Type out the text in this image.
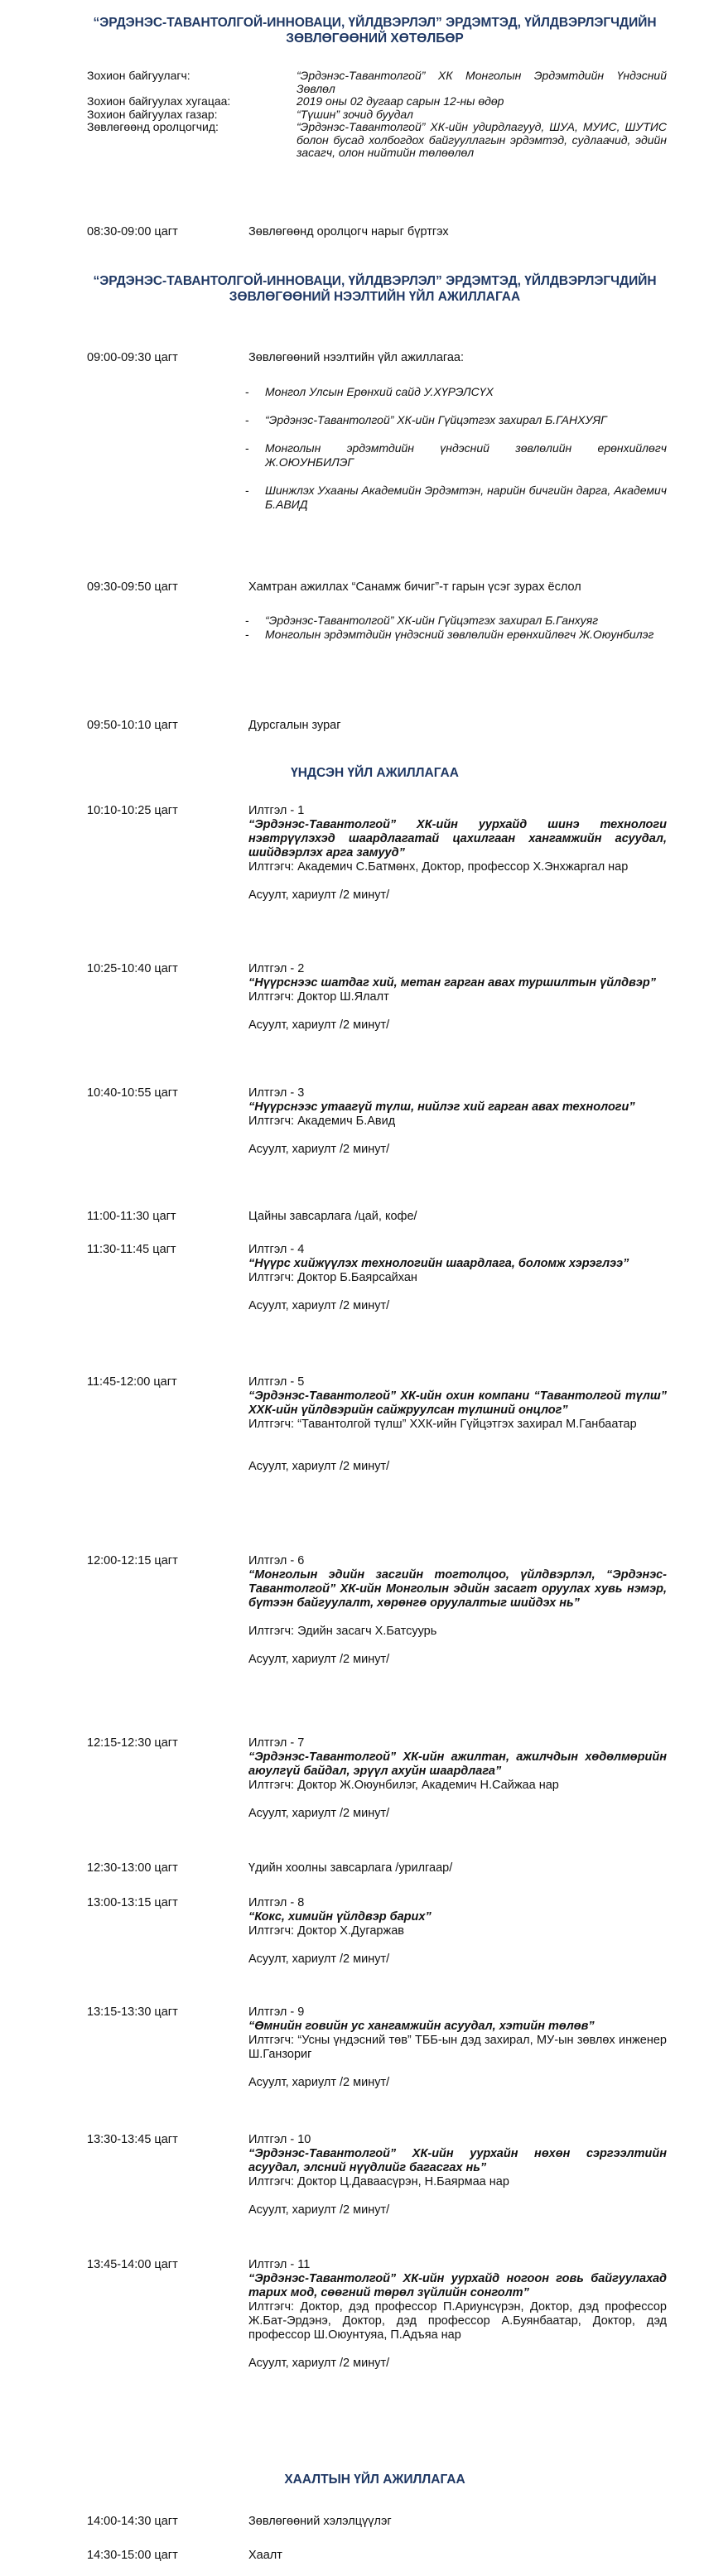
“ЭРДЭНЭС-ТАВАНТОЛГОЙ-ИННОВАЦИ, ҮЙЛДВЭРЛЭЛ” ЭРДЭМТЭД, ҮЙЛДВЭРЛЭГЧДИЙН ЗӨВЛӨГӨӨНИЙ ХӨТӨЛБӨР
Зохион байгуулагч:	“Эрдэнэс-Тавантолгой” ХК Монголын Эрдэмтдийн Үндэсний Зөвлөл
Зохион байгуулах хугацаа:	2019 оны 02 дугаар сарын 12-ны өдөр
Зохион байгуулах газар:	“Түшин” зочид буудал
Зөвлөгөөнд оролцогчид:	“Эрдэнэс-Тавантолгой” ХК-ийн удирдлагууд, ШУА, МУИС, ШУТИС болон бусад холбогдох байгууллагын эрдэмтэд, судлаачид, эдийн засагч, олон нийтийн төлөөлөл
08:30-09:00 цагт	Зөвлөгөөнд оролцогч нарыг бүртгэх
“ЭРДЭНЭС-ТАВАНТОЛГОЙ-ИННОВАЦИ, ҮЙЛДВЭРЛЭЛ” ЭРДЭМТЭД, ҮЙЛДВЭРЛЭГЧДИЙН ЗӨВЛӨГӨӨНИЙ НЭЭЛТИЙН ҮЙЛ АЖИЛЛАГАА
09:00-09:30 цагт	Зөвлөгөөний нээлтийн үйл ажиллагаа:
- Монгол Улсын Ерөнхий сайд У.ХҮРЭЛСҮХ
- “Эрдэнэс-Тавантолгой” ХК-ийн Гүйцэтгэх захирал Б.ГАНХУЯГ
- Монголын эрдэмтдийн үндэсний зөвлөлийн ерөнхийлөгч Ж.ОЮУНБИЛЭГ
- Шинжлэх Ухааны Академийн Эрдэмтэн, нарийн бичгийн дарга, Академич Б.АВИД
09:30-09:50 цагт	Хамтран ажиллах “Санамж бичиг”-т гарын үсэг зурах ёслол
- “Эрдэнэс-Тавантолгой” ХК-ийн Гүйцэтгэх захирал Б.Ганхуяг
- Монголын эрдэмтдийн үндэсний зөвлөлийн ерөнхийлөгч Ж.Оюунбилэг
09:50-10:10 цагт	Дурсгалын зураг
ҮНДСЭН ҮЙЛ АЖИЛЛАГАА
10:10-10:25 цагт	Илтгэл - 1
“Эрдэнэс-Тавантолгой” ХК-ийн уурхайд шинэ технологи нэвтрүүлэхэд шаардлагатай цахилгаан хангамжийн асуудал, шийдвэрлэх арга замууд”
Илтгэгч: Академич С.Батмөнх, Доктор, профессор Х.Энхжаргал нар
Асуулт, хариулт /2 минут/
10:25-10:40 цагт	Илтгэл - 2
“Нүүрснээс шатдаг хий, метан гарган авах туршилтын үйлдвэр”
Илтгэгч: Доктор Ш.Ялалт
Асуулт, хариулт /2 минут/
10:40-10:55 цагт	Илтгэл - 3
“Нүүрснээс утаагүй түлш, нийлэг хий гарган авах технологи”
Илтгэгч: Академич Б.Авид
Асуулт, хариулт /2 минут/
11:00-11:30 цагт	Цайны завсарлага /цай, кофе/
11:30-11:45 цагт	Илтгэл - 4
“Нүүрс хийжүүлэх технологийн шаардлага, боломж хэрэглээ”
Илтгэгч: Доктор Б.Баярсайхан
Асуулт, хариулт /2 минут/
11:45-12:00 цагт	Илтгэл - 5
“Эрдэнэс-Тавантолгой” ХК-ийн охин компани “Тавантолгой түлш” ХХК-ийн үйлдвэрийн сайжруулсан түлшний онцлог”
Илтгэгч: “Тавантолгой түлш” ХХК-ийн Гүйцэтгэх захирал М.Ганбаатар
Асуулт, хариулт /2 минут/
12:00-12:15 цагт	Илтгэл - 6
“Монголын эдийн засгийн тогтолцоо, үйлдвэрлэл, “Эрдэнэс-Тавантолгой” ХК-ийн Монголын эдийн засагт оруулах хувь нэмэр, бүтээн байгуулалт, хөрөнгө оруулалтыг шийдэх нь”
Илтгэгч: Эдийн засагч Х.Батсуурь
Асуулт, хариулт /2 минут/
12:15-12:30 цагт	Илтгэл - 7
“Эрдэнэс-Тавантолгой” ХК-ийн ажилтан, ажилчдын хөдөлмөрийн аюулгүй байдал, эрүүл ахуйн шаардлага”
Илтгэгч: Доктор Ж.Оюунбилэг, Академич Н.Сайжаа нар
Асуулт, хариулт /2 минут/
12:30-13:00 цагт	Үдийн хоолны завсарлага /урилгаар/
13:00-13:15 цагт	Илтгэл - 8
“Кокс, химийн үйлдвэр барих”
Илтгэгч: Доктор Х.Дугаржав
Асуулт, хариулт /2 минут/
13:15-13:30 цагт	Илтгэл - 9
“Өмнийн говийн ус хангамжийн асуудал, хэтийн төлөв”
Илтгэгч: “Усны үндэсний төв” ТББ-ын дэд захирал, МУ-ын зөвлөх инженер Ш.Ганзориг
Асуулт, хариулт /2 минут/
13:30-13:45 цагт	Илтгэл - 10
“Эрдэнэс-Тавантолгой” ХК-ийн уурхайн нөхөн сэргээлтийн асуудал, элсний нүүдлийг багасгах нь”
Илтгэгч: Доктор Ц.Даваасүрэн, Н.Баярмаа нар
Асуулт, хариулт /2 минут/
13:45-14:00 цагт	Илтгэл - 11
“Эрдэнэс-Тавантолгой” ХК-ийн уурхайд ногоон говь байгуулахад тарих мод, сөөгний төрөл зүйлийн сонголт”
Илтгэгч: Доктор, дэд профессор П.Ариунсүрэн, Доктор, дэд профессор Ж.Бат-Эрдэнэ, Доктор, дэд профессор А.Буянбаатар, Доктор, дэд профессор Ш.Оюунтуяа, П.Адъяа нар
Асуулт, хариулт /2 минут/
ХААЛТЫН ҮЙЛ АЖИЛЛАГАА
14:00-14:30 цагт	Зөвлөгөөний хэлэлцүүлэг
14:30-15:00 цагт	Хаалт
